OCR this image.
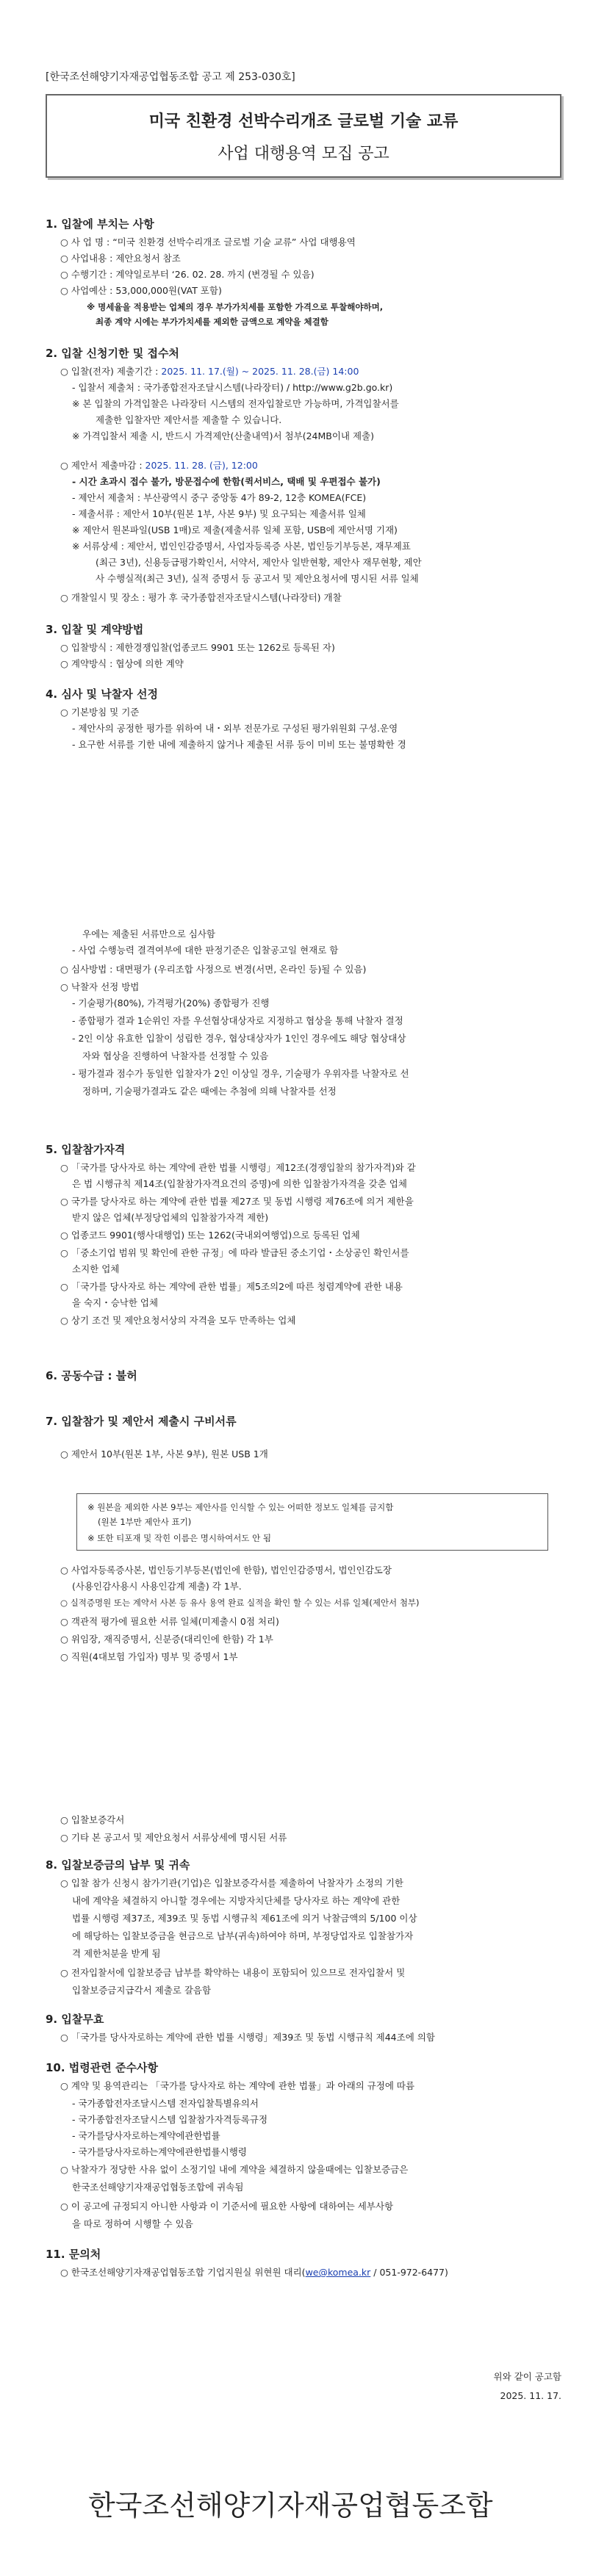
[한국조선해양기자재공업협동조합 공고 제 253-030호]
미국 친환경 선박수리개조 글로벌 기술 교류
사업 대행용역 모집 공고
1. 입찰에 부치는 사항
○ 사 업 명 : “미국 친환경 선박수리개조 글로벌 기술 교류” 사업 대행용역
○ 사업내용 : 제안요청서 참조
○ 수행기간 : 계약일로부터 ‘26. 02. 28. 까지 (변경될 수 있음)
○ 사업예산 : 53,000,000원(VAT 포함)
※ 명세율을 적용받는 업체의 경우 부가가치세를 포함한 가격으로 투찰해야하며,
최종 계약 시에는 부가가치세를 제외한 금액으로 계약을 체결함
2. 입찰 신청기한 및 접수처
○ 입찰(전자) 제출기간 : 2025. 11. 17.(월) ~ 2025. 11. 28.(금) 14:00
- 입찰서 제출처 : 국가종합전자조달시스템(나라장터) / http://www.g2b.go.kr)
※ 본 입찰의 가격입찰은 나라장터 시스템의 전자입찰로만 가능하며, 가격입찰서를
제출한 입찰자만 제안서를 제출할 수 있습니다.
※ 가격입찰서 제출 시, 반드시 가격제안(산출내역)서 첨부(24MB이내 제출)
○ 제안서 제출마감 : 2025. 11. 28. (금), 12:00
- 시간 초과시 접수 불가, 방문접수에 한함(퀵서비스, 택배 및 우편접수 불가)
- 제안서 제출처 : 부산광역시 중구 중앙동 4가 89-2, 12층 KOMEA(FCE)
- 제출서류 : 제안서 10부(원본 1부, 사본 9부) 및 요구되는 제출서류 일체
※ 제안서 원본파일(USB 1매)로 제출(제출서류 일체 포함, USB에 제안서명 기재)
※ 서류상세 : 제안서, 법인인감증명서, 사업자등록증 사본, 법인등기부등본, 재무제표
(최근 3년), 신용등급평가확인서, 서약서, 제안사 일반현황, 제안사 재무현황, 제안
사 수행실적(최근 3년), 실적 증명서 등 공고서 및 제안요청서에 명시된 서류 일체
○ 개찰일시 및 장소 : 평가 후 국가종합전자조달시스템(나라장터) 개찰
3. 입찰 및 계약방법
○ 입찰방식 : 제한경쟁입찰(업종코드 9901 또는 1262로 등록된 자)
○ 계약방식 : 협상에 의한 계약
4. 심사 및 낙찰자 선정
○ 기본방침 및 기준
- 제안사의 공정한 평가를 위하여 내・외부 전문가로 구성된 평가위원회 구성.운영
- 요구한 서류를 기한 내에 제출하지 않거나 제출된 서류 등이 미비 또는 불명확한 경
우에는 제출된 서류만으로 심사함
- 사업 수행능력 결격여부에 대한 판정기준은 입찰공고일 현재로 함
○ 심사방법 : 대면평가 (우리조합 사정으로 변경(서면, 온라인 등)될 수 있음)
○ 낙찰자 선정 방법
- 기술평가(80%), 가격평가(20%) 종합평가 진행
- 종합평가 결과 1순위인 자를 우선협상대상자로 지정하고 협상을 통해 낙찰자 결정
- 2인 이상 유효한 입찰이 성립한 경우, 협상대상자가 1인인 경우에도 해당 협상대상
자와 협상을 진행하여 낙찰자를 선정할 수 있음
- 평가결과 점수가 동일한 입찰자가 2인 이상일 경우, 기술평가 우위자를 낙찰자로 선
정하며, 기술평가결과도 같은 때에는 추첨에 의해 낙찰자를 선정
5. 입찰참가자격
○ 「국가를 당사자로 하는 계약에 관한 법률 시행령」제12조(경쟁입찰의 참가자격)와 같
은 법 시행규칙 제14조(입찰참가자격요건의 증명)에 의한 입찰참가자격을 갖춘 업체
○ 국가를 당사자로 하는 계약에 관한 법률 제27조 및 동법 시행령 제76조에 의거 제한을
받지 않은 업체(부정당업체의 입찰참가자격 제한)
○ 업종코드 9901(행사대행업) 또는 1262(국내외여행업)으로 등록된 업체
○ 「중소기업 범위 및 확인에 관한 규정」에 따라 발급된 중소기업・소상공인 확인서를
소지한 업체
○ 「국가를 당사자로 하는 계약에 관한 법률」제5조의2에 따른 청렴계약에 관한 내용
을 숙지・승낙한 업체
○ 상기 조건 및 제안요청서상의 자격을 모두 만족하는 업체
6. 공동수급 : 불허
7. 입찰참가 및 제안서 제출시 구비서류
○ 제안서 10부(원본 1부, 사본 9부), 원본 USB 1개
※ 원본을 제외한 사본 9부는 제안사를 인식할 수 있는 어떠한 정보도 일체를 금지함
(원본 1부만 제안사 표기)
※ 또한 티포재 및 작힌 이름은 명시하여서도 안 됨
○ 사업자등록증사본, 법인등기부등본(법인에 한함), 법인인감증명서, 법인인감도장
(사용인감사용시 사용인감계 제출) 각 1부.
○ 실적증명원 또는 계약서 사본 등 유사 용역 완료 실적을 확인 할 수 있는 서류 일체(제안서 첨부)
○ 객관적 평가에 필요한 서류 일체(미제출시 0점 처리)
○ 위임장, 재직증명서, 신분증(대리인에 한함) 각 1부
○ 직원(4대보험 가입자) 명부 및 증명서 1부
○ 입찰보증각서
○ 기타 본 공고서 및 제안요청서 서류상세에 명시된 서류
8. 입찰보증금의 납부 및 귀속
○ 입찰 참가 신청시 참가기관(기업)은 입찰보증각서를 제출하여 낙찰자가 소정의 기한
내에 계약을 체결하지 아니할 경우에는 지방자치단체를 당사자로 하는 계약에 관한
법률 시행령 제37조, 제39조 및 동법 시행규칙 제61조에 의거 낙찰금액의 5/100 이상
에 해당하는 입찰보증금을 현금으로 납부(귀속)하여야 하며, 부정당업자로 입찰참가자
격 제한처분을 받게 됨
○ 전자입찰서에 입찰보증금 납부를 확약하는 내용이 포함되어 있으므로 전자입찰서 및
입찰보증금지급각서 제출로 갈음함
9. 입찰무효
○ 「국가를 당사자로하는 계약에 관한 법률 시행령」제39조 및 동법 시행규칙 제44조에 의함
10. 법령관련 준수사항
○ 계약 및 용역관리는 「국가를 당사자로 하는 계약에 관한 법률」과 아래의 규정에 따름
- 국가종합전자조달시스템 전자입찰특별유의서
- 국가종합전자조달시스템 입찰참가자격등록규정
- 국가를당사자로하는계약에관한법률
- 국가를당사자로하는계약에관한법률시행령
○ 낙찰자가 정당한 사유 없이 소정기일 내에 계약을 체결하지 않을때에는 입찰보증금은
한국조선해양기자재공업협동조합에 귀속됨
○ 이 공고에 규정되지 아니한 사항과 이 기준서에 필요한 사항에 대하여는 세부사항
을 따로 정하여 시행할 수 있음
11. 문의처
○ 한국조선해양기자재공업협동조합 기업지원실 위현원 대리(we@komea.kr / 051-972-6477)
위와 같이 공고함
2025. 11. 17.
한국조선해양기자재공업협동조합
